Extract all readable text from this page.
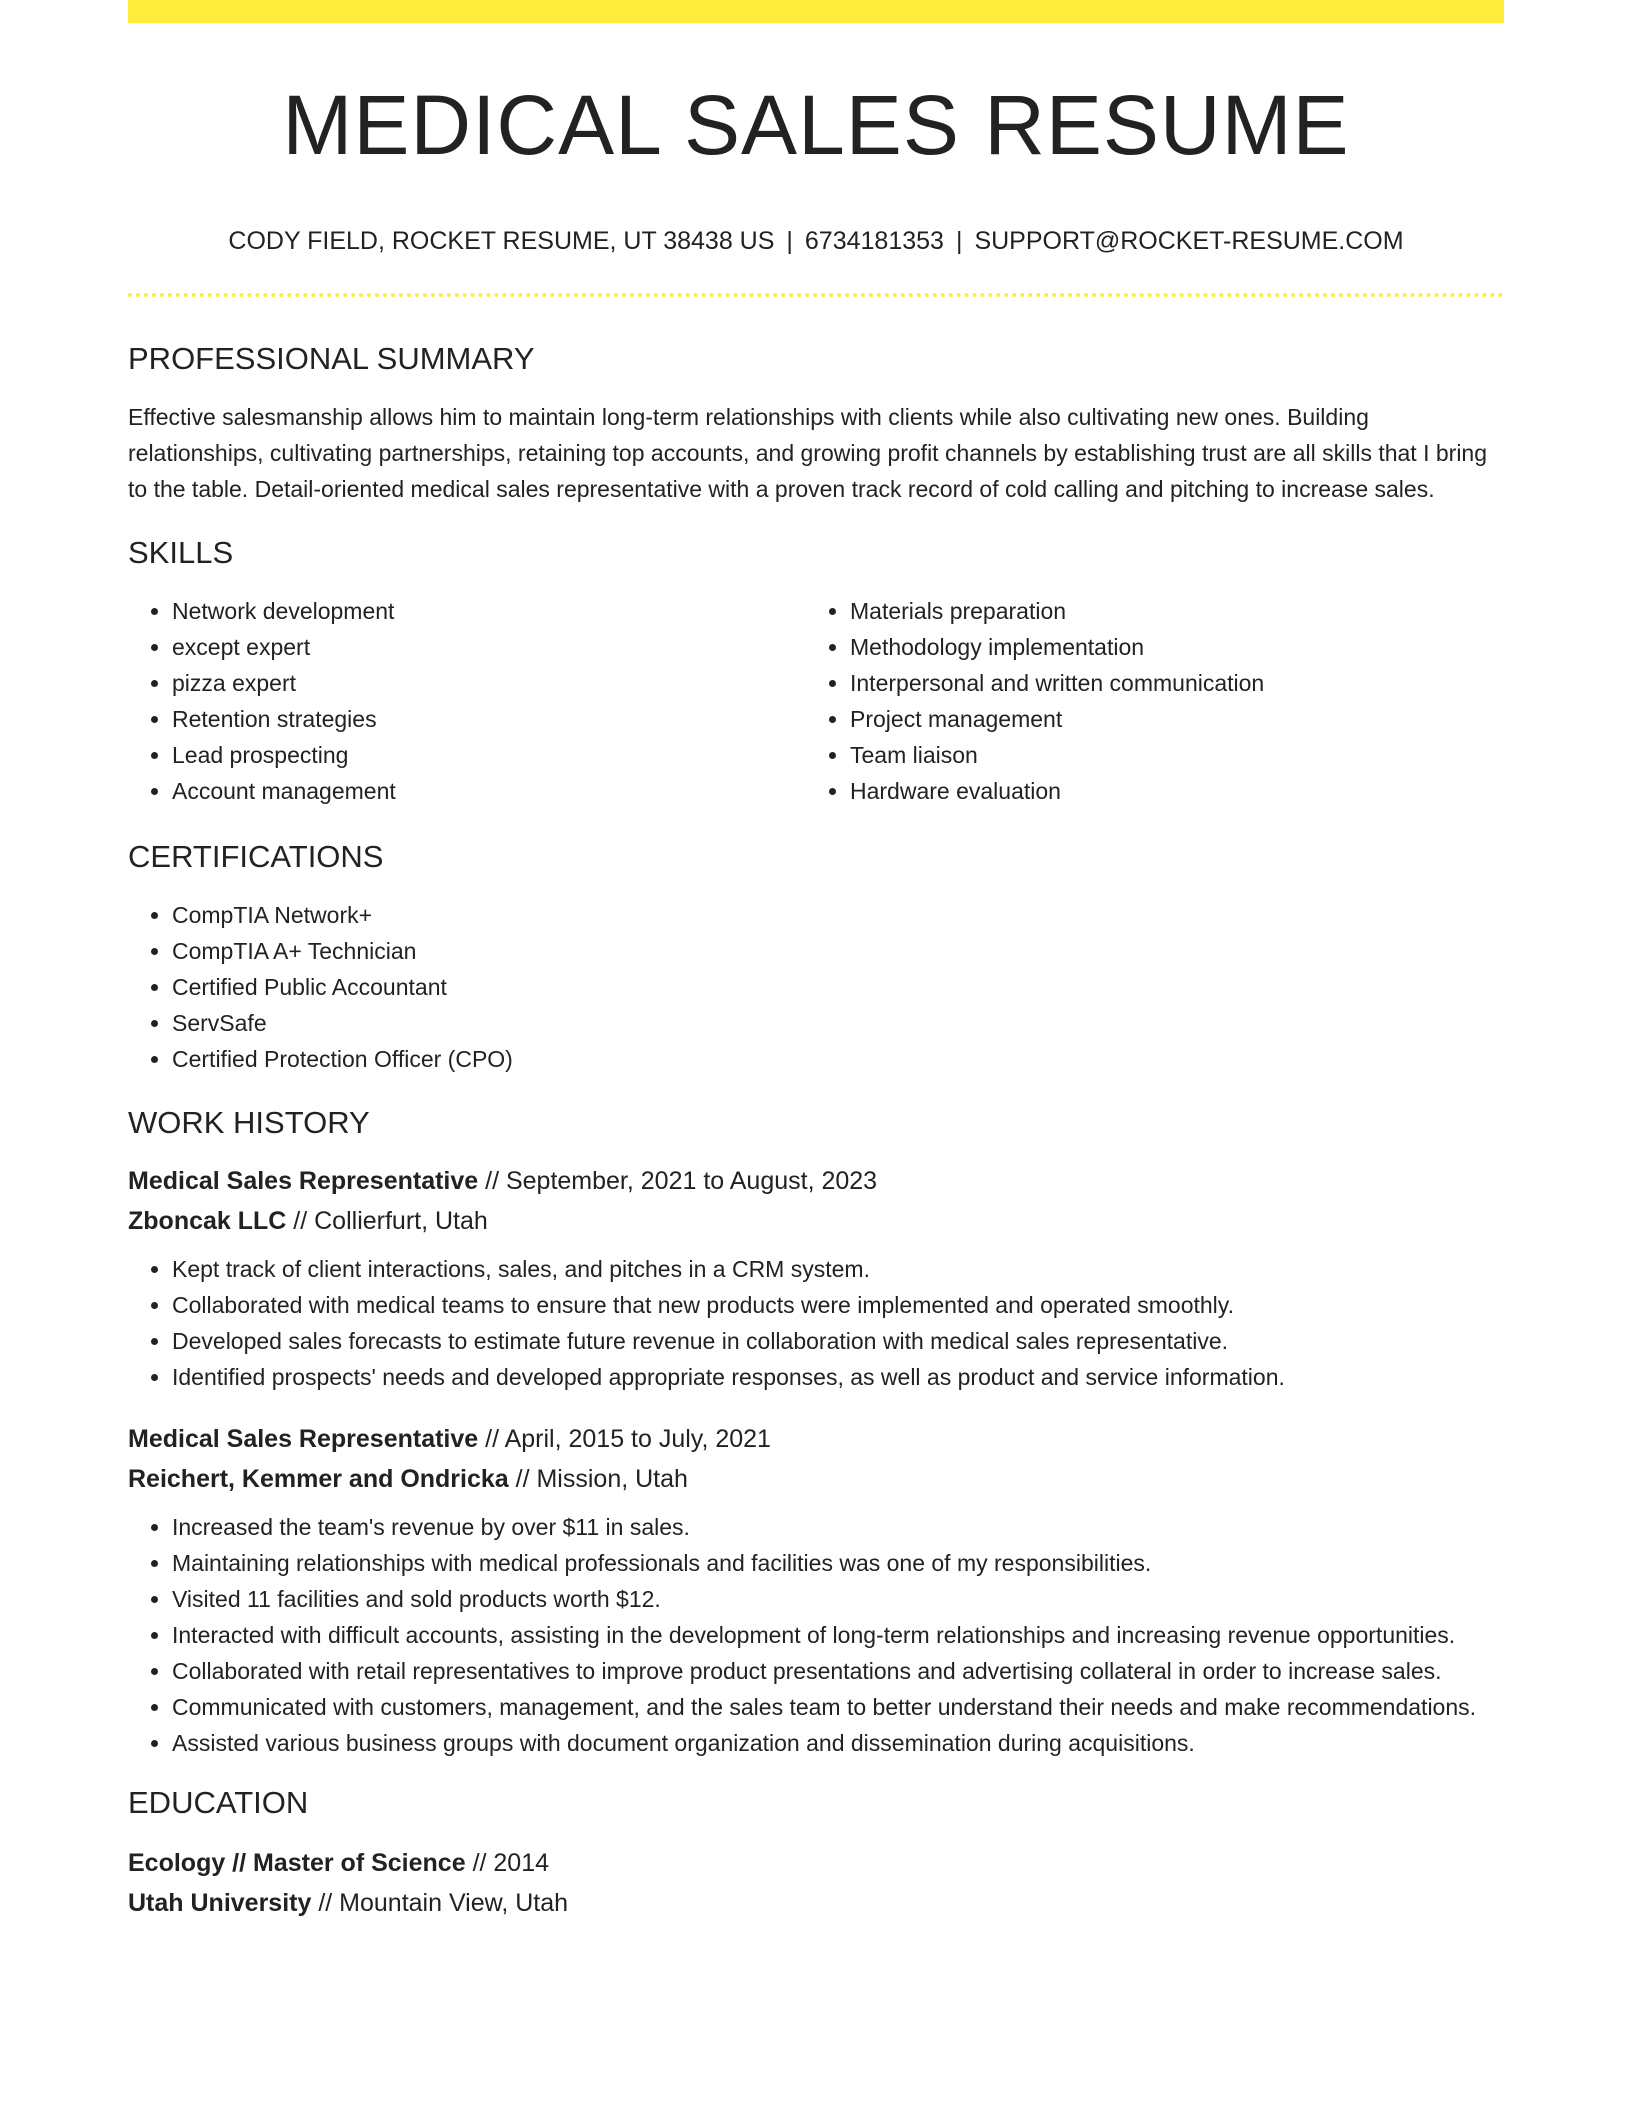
MEDICAL SALES RESUME
CODY FIELD, ROCKET RESUME, UT 38438 US | 6734181353 | SUPPORT@ROCKET-RESUME.COM
PROFESSIONAL SUMMARY
Effective salesmanship allows him to maintain long-term relationships with clients while also cultivating new ones. Building relationships, cultivating partnerships, retaining top accounts, and growing profit channels by establishing trust are all skills that I bring to the table. Detail-oriented medical sales representative with a proven track record of cold calling and pitching to increase sales.
SKILLS
• Network development
• except expert
• pizza expert
• Retention strategies
• Lead prospecting
• Account management
• Materials preparation
• Methodology implementation
• Interpersonal and written communication
• Project management
• Team liaison
• Hardware evaluation
CERTIFICATIONS
• CompTIA Network+
• CompTIA A+ Technician
• Certified Public Accountant
• ServSafe
• Certified Protection Officer (CPO)
WORK HISTORY
Medical Sales Representative // September, 2021 to August, 2023
Zboncak LLC // Collierfurt, Utah
• Kept track of client interactions, sales, and pitches in a CRM system.
• Collaborated with medical teams to ensure that new products were implemented and operated smoothly.
• Developed sales forecasts to estimate future revenue in collaboration with medical sales representative.
• Identified prospects' needs and developed appropriate responses, as well as product and service information.
Medical Sales Representative // April, 2015 to July, 2021
Reichert, Kemmer and Ondricka // Mission, Utah
• Increased the team's revenue by over $11 in sales.
• Maintaining relationships with medical professionals and facilities was one of my responsibilities.
• Visited 11 facilities and sold products worth $12.
• Interacted with difficult accounts, assisting in the development of long-term relationships and increasing revenue opportunities.
• Collaborated with retail representatives to improve product presentations and advertising collateral in order to increase sales.
• Communicated with customers, management, and the sales team to better understand their needs and make recommendations.
• Assisted various business groups with document organization and dissemination during acquisitions.
EDUCATION
Ecology // Master of Science // 2014
Utah University // Mountain View, Utah
